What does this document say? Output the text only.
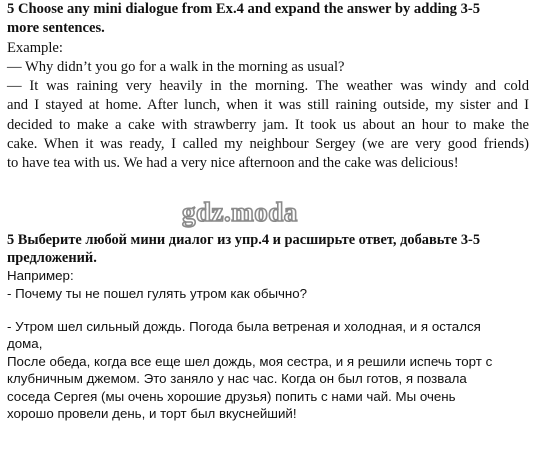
5 Choose any mini dialogue from Ex.4 and expand the answer by adding 3-5

more sentences.

Example:

— Why didn’t you go for a walk in the morning as usual?

— It was raining very heavily in the morning. The weather was windy and cold

and I stayed at home. After lunch, when it was still raining outside, my sister and I

decided to make a cake with strawberry jam. It took us about an hour to make the

cake. When it was ready, I called my neighbour Sergey (we are very good friends)

to have tea with us. We had a very nice afternoon and the cake was delicious!

gdz.moda

5 Выберите любой мини диалог из упр.4 и расширьте ответ, добавьте 3-5

предложений.

Например:

- Почему ты не пошел гулять утром как обычно?

- Утром шел сильный дождь. Погода была ветреная и холодная, и я остался

дома,

После обеда, когда все еще шел дождь, моя сестра, и я решили испечь торт с

клубничным джемом. Это заняло у нас час. Когда он был готов, я позвала

соседа Сергея (мы очень хорошие друзья) попить с нами чай. Мы очень

хорошо провели день, и торт был вкуснейший!
